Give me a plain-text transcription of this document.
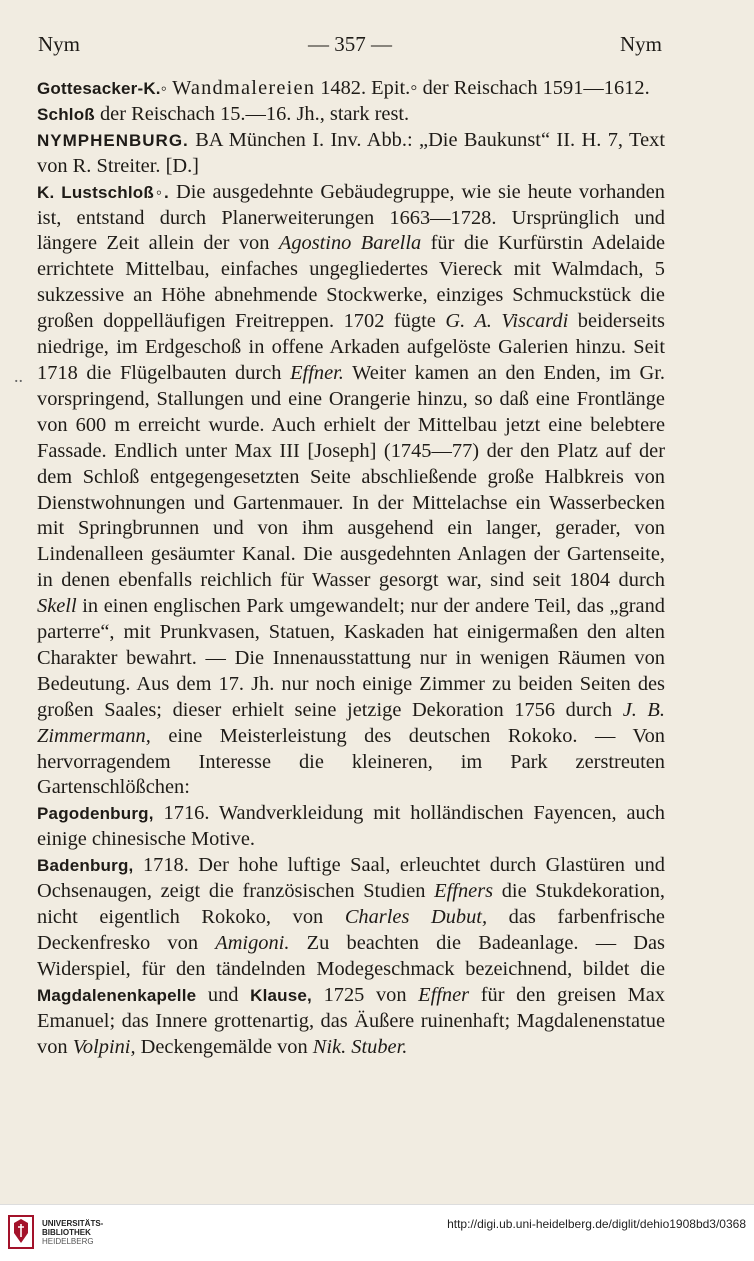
Nym	— 357 —	Nym
..

Gottesacker-K.◦ Wandmalereien 1482. Epit.◦ der Reischach 1591—1612.

Schloß der Reischach 15.—16. Jh., stark rest.

NYMPHENBURG. BA München I. Inv. Abb.: „Die Baukunst“ II. H. 7, Text von R. Streiter. [D.]

K. Lustschloß◦. Die ausgedehnte Gebäudegruppe, wie sie heute vorhanden ist, entstand durch Planerweiterungen 1663—1728. Ursprünglich und längere Zeit allein der von Agostino Barella für die Kurfürstin Adelaide errichtete Mittelbau, einfaches ungegliedertes Viereck mit Walmdach, 5 sukzessive an Höhe abnehmende Stockwerke, einziges Schmuckstück die großen doppelläufigen Freitreppen. 1702 fügte G. A. Viscardi beiderseits niedrige, im Erdgeschoß in offene Arkaden aufgelöste Galerien hinzu. Seit 1718 die Flügelbauten durch Effner. Weiter kamen an den Enden, im Gr. vorspringend, Stallungen und eine Orangerie hinzu, so daß eine Frontlänge von 600 m erreicht wurde. Auch erhielt der Mittelbau jetzt eine belebtere Fassade. Endlich unter Max III [Joseph] (1745—77) der den Platz auf der dem Schloß entgegengesetzten Seite abschließende große Halbkreis von Dienstwohnungen und Gartenmauer. In der Mittelachse ein Wasserbecken mit Springbrunnen und von ihm ausgehend ein langer, gerader, von Lindenalleen gesäumter Kanal. Die ausgedehnten Anlagen der Gartenseite, in denen ebenfalls reichlich für Wasser gesorgt war, sind seit 1804 durch Skell in einen englischen Park umgewandelt; nur der andere Teil, das „grand parterre“, mit Prunkvasen, Statuen, Kaskaden hat einigermaßen den alten Charakter bewahrt. — Die Innenausstattung nur in wenigen Räumen von Bedeutung. Aus dem 17. Jh. nur noch einige Zimmer zu beiden Seiten des großen Saales; dieser erhielt seine jetzige Dekoration 1756 durch J. B. Zimmermann, eine Meisterleistung des deutschen Rokoko. — Von hervorragendem Interesse die kleineren, im Park zerstreuten Gartenschlößchen:

Pagodenburg, 1716. Wandverkleidung mit holländischen Fayencen, auch einige chinesische Motive.

Badenburg, 1718. Der hohe luftige Saal, erleuchtet durch Glastüren und Ochsenaugen, zeigt die französischen Studien Effners die Stukdekoration, nicht eigentlich Rokoko, von Charles Dubut, das farbenfrische Deckenfresko von Amigoni. Zu beachten die Badeanlage. — Das Widerspiel, für den tändelnden Modegeschmack bezeichnend, bildet die Magdalenenkapelle und Klause, 1725 von Effner für den greisen Max Emanuel; das Innere grottenartig, das Äußere ruinenhaft; Magdalenenstatue von Volpini, Deckengemälde von Nik. Stuber.

UNIVERSITÄTS-
BIBLIOTHEK
HEIDELBERG
http://digi.ub.uni-heidelberg.de/diglit/dehio1908bd3/0368
